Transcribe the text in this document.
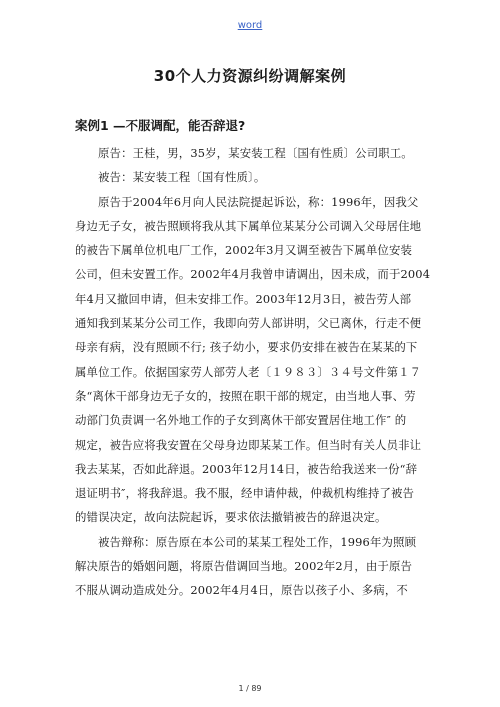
word
30个人力资源纠纷调解案例
案例1 —不服调配，能否辞退?
原告：王桂，男，35岁，某安装工程〔国有性质〕公司职工。
被告：某安装工程〔国有性质〕。
原告于2004年6月向人民法院提起诉讼，称：1996年，因我父
身边无子女，被告照顾将我从其下属单位某某分公司调入父母居住地
的被告下属单位机电厂工作，2002年3月又调至被告下属单位安装
公司，但未安置工作。2002年4月我曾申请调出，因未成，而于2004
年4月又撤回申请，但未安排工作。2003年12月3日，被告劳人部
通知我到某某分公司工作，我即向劳人部讲明，父已离休，行走不便
母亲有病，没有照顾不行; 孩子幼小，要求仍安排在被告在某某的下
属单位工作。依据国家劳人部劳人老〔１９８３〕３４号文件第１７
条“离休干部身边无子女的，按照在职干部的规定，由当地人事、劳
动部门负责调一名外地工作的子女到离休干部安置居住地工作″ 的
规定，被告应将我安置在父母身边即某某工作。但当时有关人员非让
我去某某，否如此辞退。2003年12月14日，被告给我送来一份“辞
退证明书″，将我辞退。我不服，经申请仲裁，仲裁机构维持了被告
的错误决定，故向法院起诉，要求依法撤销被告的辞退决定。
被告辩称：原告原在本公司的某某工程处工作，1996年为照顾
解决原告的婚姻问题，将原告借调回当地。2002年2月，由于原告
不服从调动造成处分。2002年4月4日，原告以孩子小、多病，不
1 / 89
